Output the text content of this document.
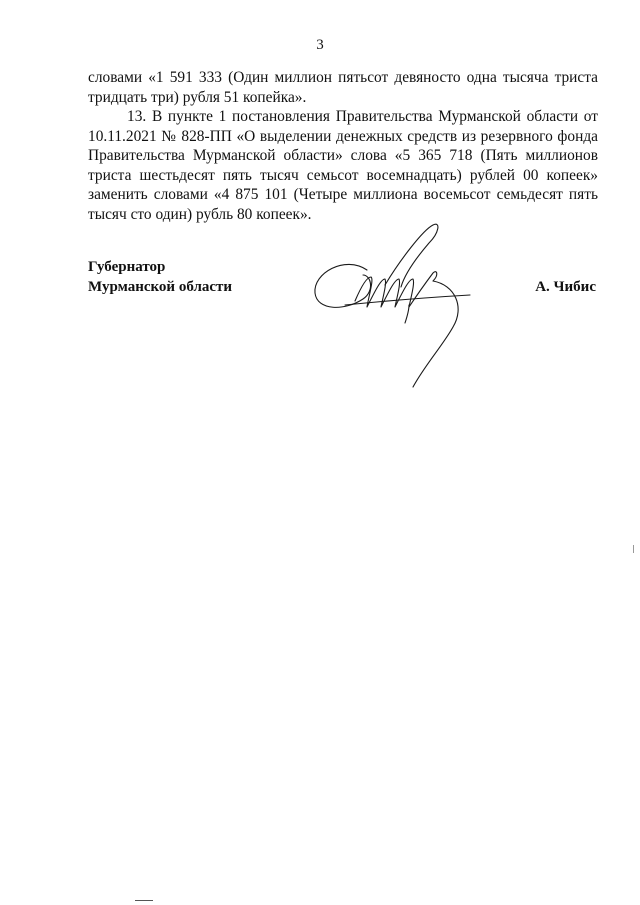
3

словами «1 591 333 (Один миллион пятьсот девяносто одна тысяча триста тридцать три) рубля 51 копейка».

13. В пункте 1 постановления Правительства Мурманской области от 10.11.2021 № 828-ПП «О выделении денежных средств из резервного фонда Правительства Мурманской области» слова «5 365 718 (Пять миллионов триста шестьдесят пять тысяч семьсот восемнадцать) рублей 00 копеек» заменить словами «4 875 101 (Четыре миллиона восемьсот семьдесят пять тысяч сто один) рубль 80 копеек».

Губернатор
Мурманской области	А. Чибис
